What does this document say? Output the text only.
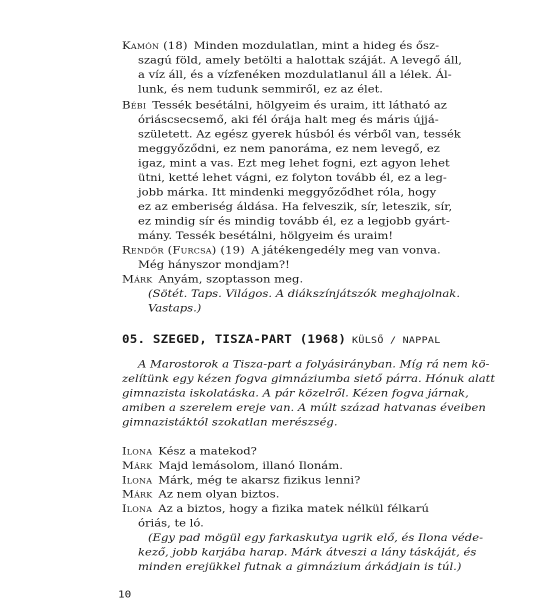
Kamón (18) Minden mozdulatlan, mint a hideg és ősz-
szagú föld, amely betölti a halottak száját. A levegő áll,
a víz áll, és a vízfenéken mozdulatlanul áll a lélek. Ál-
lunk, és nem tudunk semmiről, ez az élet.
Bébi Tessék besétálni, hölgyeim és uraim, itt látható az
óriáscsecsemő, aki fél órája halt meg és máris újjá-
született. Az egész gyerek húsból és vérből van, tessék
meggyőződni, ez nem panoráma, ez nem levegő, ez
igaz, mint a vas. Ezt meg lehet fogni, ezt agyon lehet
ütni, ketté lehet vágni, ez folyton tovább él, ez a leg-
jobb márka. Itt mindenki meggyőződhet róla, hogy
ez az emberiség áldása. Ha felveszik, sír, leteszik, sír,
ez mindig sír és mindig tovább él, ez a legjobb gyárt-
mány. Tessék besétálni, hölgyeim és uraim!
Rendőr (Furcsa) (19) A játékengedély meg van vonva.
Még hányszor mondjam?!
Márk Anyám, szoptasson meg.
(Sötét. Taps. Világos. A diákszínjátszók meghajolnak.
Vastaps.)
05. SZEGED, TISZA-PART (1968) KÜLSŐ / NAPPAL
A Marostorok a Tisza-part a folyásirányban. Míg rá nem kö-
zelítünk egy kézen fogva gimnáziumba siető párra. Hónuk alatt
gimnazista iskolatáska. A pár közelről. Kézen fogva járnak,
amiben a szerelem ereje van. A múlt század hatvanas éveiben
gimnazistáktól szokatlan merészség.
Ilona Kész a matekod?
Márk Majd lemásolom, illanó Ilonám.
Ilona Márk, még te akarsz fizikus lenni?
Márk Az nem olyan biztos.
Ilona Az a biztos, hogy a fizika matek nélkül félkarú
óriás, te ló.
(Egy pad mögül egy farkaskutya ugrik elő, és Ilona véde-
kező, jobb karjába harap. Márk átveszi a lány táskáját, és
minden erejükkel futnak a gimnázium árkádjain is túl.)
10
